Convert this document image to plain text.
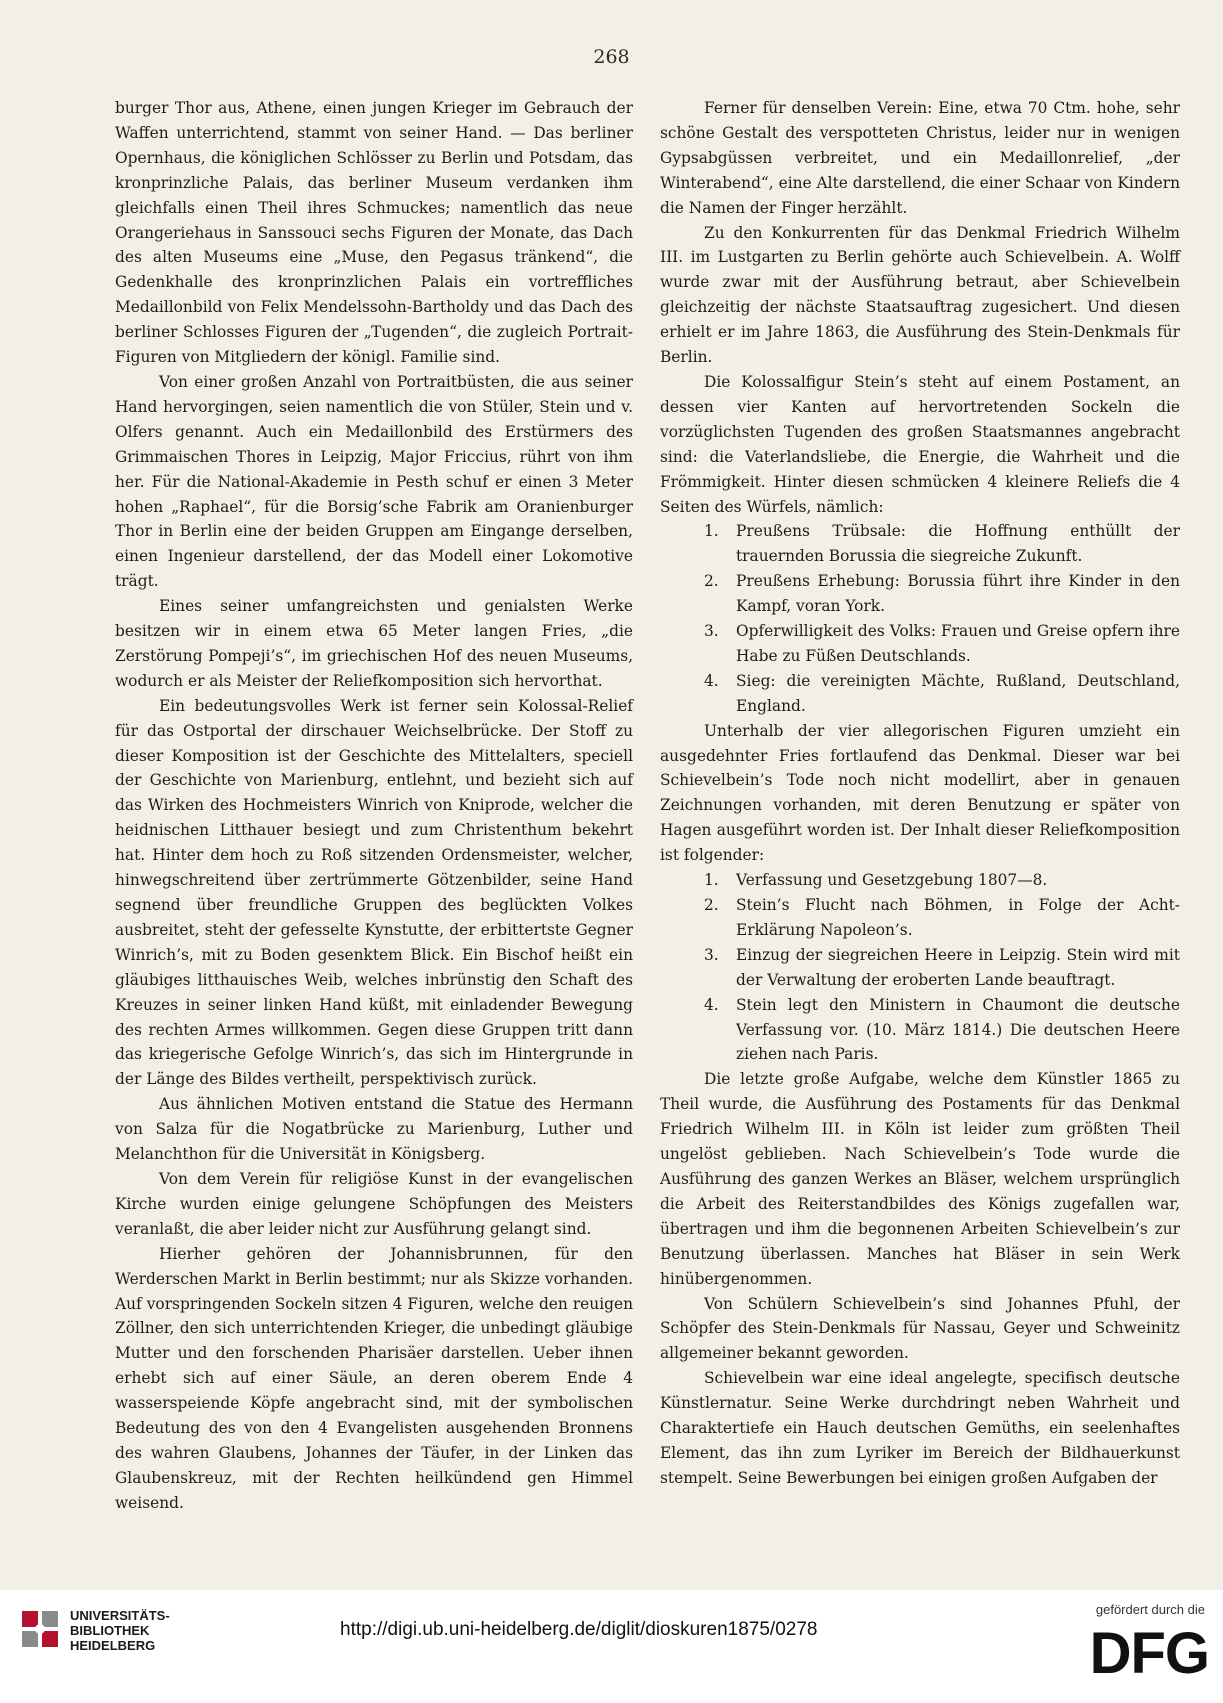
268

burger Thor aus, Athene, einen jungen Krieger im Gebrauch der Waffen unterrichtend, stammt von seiner Hand. — Das berliner Opernhaus, die königlichen Schlösser zu Berlin und Potsdam, das kronprinzliche Palais, das berliner Museum verdanken ihm gleichfalls einen Theil ihres Schmuckes; namentlich das neue Orangeriehaus in Sanssouci sechs Figuren der Monate, das Dach des alten Museums eine „Muse, den Pegasus tränkend“, die Gedenkhalle des kronprinzlichen Palais ein vortreffliches Medaillonbild von Felix Mendelssohn-Bartholdy und das Dach des berliner Schlosses Figuren der „Tugenden“, die zugleich Portrait-Figuren von Mitgliedern der königl. Familie sind.

Von einer großen Anzahl von Portraitbüsten, die aus seiner Hand hervorgingen, seien namentlich die von Stüler, Stein und v. Olfers genannt. Auch ein Medaillonbild des Erstürmers des Grimmaischen Thores in Leipzig, Major Friccius, rührt von ihm her. Für die National-Akademie in Pesth schuf er einen 3 Meter hohen „Raphael“, für die Borsig’sche Fabrik am Oranienburger Thor in Berlin eine der beiden Gruppen am Eingange derselben, einen Ingenieur darstellend, der das Modell einer Lokomotive trägt.

Eines seiner umfangreichsten und genialsten Werke besitzen wir in einem etwa 65 Meter langen Fries, „die Zerstörung Pompeji’s“, im griechischen Hof des neuen Museums, wodurch er als Meister der Reliefkomposition sich hervorthat.

Ein bedeutungsvolles Werk ist ferner sein Kolossal-Relief für das Ostportal der dirschauer Weichselbrücke. Der Stoff zu dieser Komposition ist der Geschichte des Mittelalters, speciell der Geschichte von Marienburg, entlehnt, und bezieht sich auf das Wirken des Hochmeisters Winrich von Kniprode, welcher die heidnischen Litthauer besiegt und zum Christenthum bekehrt hat. Hinter dem hoch zu Roß sitzenden Ordensmeister, welcher, hinwegschreitend über zertrümmerte Götzenbilder, seine Hand segnend über freundliche Gruppen des beglückten Volkes ausbreitet, steht der gefesselte Kynstutte, der erbittertste Gegner Winrich’s, mit zu Boden gesenktem Blick. Ein Bischof heißt ein gläubiges litthauisches Weib, welches inbrünstig den Schaft des Kreuzes in seiner linken Hand küßt, mit einladender Bewegung des rechten Armes willkommen. Gegen diese Gruppen tritt dann das kriegerische Gefolge Winrich’s, das sich im Hintergrunde in der Länge des Bildes vertheilt, perspektivisch zurück.

Aus ähnlichen Motiven entstand die Statue des Hermann von Salza für die Nogatbrücke zu Marienburg, Luther und Melanchthon für die Universität in Königsberg.

Von dem Verein für religiöse Kunst in der evangelischen Kirche wurden einige gelungene Schöpfungen des Meisters veranlaßt, die aber leider nicht zur Ausführung gelangt sind.

Hierher gehören der Johannisbrunnen, für den Werderschen Markt in Berlin bestimmt; nur als Skizze vorhanden. Auf vorspringenden Sockeln sitzen 4 Figuren, welche den reuigen Zöllner, den sich unterrichtenden Krieger, die unbedingt gläubige Mutter und den forschenden Pharisäer darstellen. Ueber ihnen erhebt sich auf einer Säule, an deren oberem Ende 4 wasserspeiende Köpfe angebracht sind, mit der symbolischen Bedeutung des von den 4 Evangelisten ausgehenden Bronnens des wahren Glaubens, Johannes der Täufer, in der Linken das Glaubenskreuz, mit der Rechten heilkündend gen Himmel weisend.

Ferner für denselben Verein: Eine, etwa 70 Ctm. hohe, sehr schöne Gestalt des verspotteten Christus, leider nur in wenigen Gypsabgüssen verbreitet, und ein Medaillonrelief, „der Winterabend“, eine Alte darstellend, die einer Schaar von Kindern die Namen der Finger herzählt.

Zu den Konkurrenten für das Denkmal Friedrich Wilhelm III. im Lustgarten zu Berlin gehörte auch Schievelbein. A. Wolff wurde zwar mit der Ausführung betraut, aber Schievelbein gleichzeitig der nächste Staatsauftrag zugesichert. Und diesen erhielt er im Jahre 1863, die Ausführung des Stein-Denkmals für Berlin.

Die Kolossalfigur Stein’s steht auf einem Postament, an dessen vier Kanten auf hervortretenden Sockeln die vorzüglichsten Tugenden des großen Staatsmannes angebracht sind: die Vaterlandsliebe, die Energie, die Wahrheit und die Frömmigkeit. Hinter diesen schmücken 4 kleinere Reliefs die 4 Seiten des Würfels, nämlich:

1. Preußens Trübsale: die Hoffnung enthüllt der trauernden Borussia die siegreiche Zukunft.
2. Preußens Erhebung: Borussia führt ihre Kinder in den Kampf, voran York.
3. Opferwilligkeit des Volks: Frauen und Greise opfern ihre Habe zu Füßen Deutschlands.
4. Sieg: die vereinigten Mächte, Rußland, Deutschland, England.

Unterhalb der vier allegorischen Figuren umzieht ein ausgedehnter Fries fortlaufend das Denkmal. Dieser war bei Schievelbein’s Tode noch nicht modellirt, aber in genauen Zeichnungen vorhanden, mit deren Benutzung er später von Hagen ausgeführt worden ist. Der Inhalt dieser Reliefkomposition ist folgender:

1. Verfassung und Gesetzgebung 1807—8.
2. Stein’s Flucht nach Böhmen, in Folge der Acht-Erklärung Napoleon’s.
3. Einzug der siegreichen Heere in Leipzig. Stein wird mit der Verwaltung der eroberten Lande beauftragt.
4. Stein legt den Ministern in Chaumont die deutsche Verfassung vor. (10. März 1814.) Die deutschen Heere ziehen nach Paris.

Die letzte große Aufgabe, welche dem Künstler 1865 zu Theil wurde, die Ausführung des Postaments für das Denkmal Friedrich Wilhelm III. in Köln ist leider zum größten Theil ungelöst geblieben. Nach Schievelbein’s Tode wurde die Ausführung des ganzen Werkes an Bläser, welchem ursprünglich die Arbeit des Reiterstandbildes des Königs zugefallen war, übertragen und ihm die begonnenen Arbeiten Schievelbein’s zur Benutzung überlassen. Manches hat Bläser in sein Werk hinübergenommen.

Von Schülern Schievelbein’s sind Johannes Pfuhl, der Schöpfer des Stein-Denkmals für Nassau, Geyer und Schweinitz allgemeiner bekannt geworden.

Schievelbein war eine ideal angelegte, specifisch deutsche Künstlernatur. Seine Werke durchdringt neben Wahrheit und Charaktertiefe ein Hauch deutschen Gemüths, ein seelenhaftes Element, das ihn zum Lyriker im Bereich der Bildhauerkunst stempelt. Seine Bewerbungen bei einigen großen Aufgaben der

UNIVERSITÄTS-
BIBLIOTHEK
HEIDELBERG
http://digi.ub.uni-heidelberg.de/diglit/dioskuren1875/0278
gefördert durch die
DFG
